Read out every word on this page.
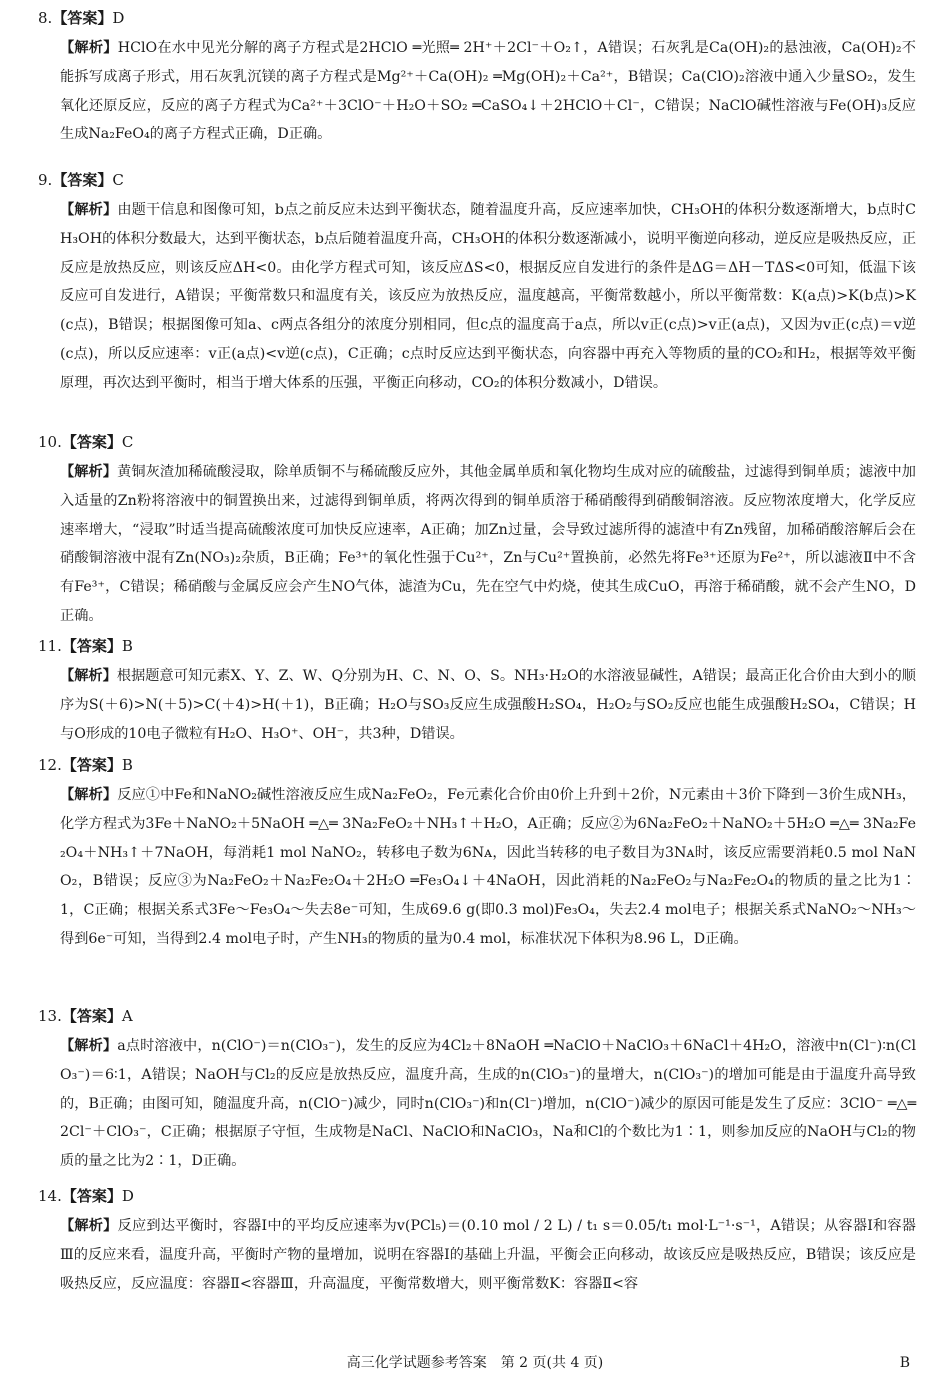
8.【答案】D
【解析】HClO在水中见光分解的离子方程式是2HClO ═光照═ 2H⁺＋2Cl⁻＋O₂↑，A错误；石灰乳是Ca(OH)₂的悬浊液，Ca(OH)₂不能拆写成离子形式，用石灰乳沉镁的离子方程式是Mg²⁺＋Ca(OH)₂ ═Mg(OH)₂＋Ca²⁺，B错误；Ca(ClO)₂溶液中通入少量SO₂，发生氧化还原反应，反应的离子方程式为Ca²⁺＋3ClO⁻＋H₂O＋SO₂ ═CaSO₄↓＋2HClO＋Cl⁻，C错误；NaClO碱性溶液与Fe(OH)₃反应生成Na₂FeO₄的离子方程式正确，D正确。
9.【答案】C
【解析】由题干信息和图像可知，b点之前反应未达到平衡状态，随着温度升高，反应速率加快，CH₃OH的体积分数逐渐增大，b点时CH₃OH的体积分数最大，达到平衡状态，b点后随着温度升高，CH₃OH的体积分数逐渐减小，说明平衡逆向移动，逆反应是吸热反应，正反应是放热反应，则该反应ΔH<0。由化学方程式可知，该反应ΔS<0，根据反应自发进行的条件是ΔG＝ΔH－TΔS<0可知，低温下该反应可自发进行，A错误；平衡常数只和温度有关，该反应为放热反应，温度越高，平衡常数越小，所以平衡常数：K(a点)>K(b点)>K(c点)，B错误；根据图像可知a、c两点各组分的浓度分别相同，但c点的温度高于a点，所以v正(c点)>v正(a点)，又因为v正(c点)＝v逆(c点)，所以反应速率：v正(a点)<v逆(c点)，C正确；c点时反应达到平衡状态，向容器中再充入等物质的量的CO₂和H₂，根据等效平衡原理，再次达到平衡时，相当于增大体系的压强，平衡正向移动，CO₂的体积分数减小，D错误。
10.【答案】C
【解析】黄铜灰渣加稀硫酸浸取，除单质铜不与稀硫酸反应外，其他金属单质和氧化物均生成对应的硫酸盐，过滤得到铜单质；滤液中加入适量的Zn粉将溶液中的铜置换出来，过滤得到铜单质，将两次得到的铜单质溶于稀硝酸得到硝酸铜溶液。反应物浓度增大，化学反应速率增大，“浸取”时适当提高硫酸浓度可加快反应速率，A正确；加Zn过量，会导致过滤所得的滤渣中有Zn残留，加稀硝酸溶解后会在硝酸铜溶液中混有Zn(NO₃)₂杂质，B正确；Fe³⁺的氧化性强于Cu²⁺，Zn与Cu²⁺置换前，必然先将Fe³⁺还原为Fe²⁺，所以滤液Ⅱ中不含有Fe³⁺，C错误；稀硝酸与金属反应会产生NO气体，滤渣为Cu，先在空气中灼烧，使其生成CuO，再溶于稀硝酸，就不会产生NO，D正确。
11.【答案】B
【解析】根据题意可知元素X、Y、Z、W、Q分别为H、C、N、O、S。NH₃·H₂O的水溶液显碱性，A错误；最高正化合价由大到小的顺序为S(＋6)>N(＋5)>C(＋4)>H(＋1)，B正确；H₂O与SO₃反应生成强酸H₂SO₄，H₂O₂与SO₂反应也能生成强酸H₂SO₄，C错误；H与O形成的10电子微粒有H₂O、H₃O⁺、OH⁻，共3种，D错误。
12.【答案】B
【解析】反应①中Fe和NaNO₂碱性溶液反应生成Na₂FeO₂，Fe元素化合价由0价上升到＋2价，N元素由＋3价下降到－3价生成NH₃，化学方程式为3Fe＋NaNO₂＋5NaOH ═△═ 3Na₂FeO₂＋NH₃↑＋H₂O，A正确；反应②为6Na₂FeO₂＋NaNO₂＋5H₂O ═△═ 3Na₂Fe₂O₄＋NH₃↑＋7NaOH，每消耗1 mol NaNO₂，转移电子数为6Nᴀ，因此当转移的电子数目为3Nᴀ时，该反应需要消耗0.5 mol NaNO₂，B错误；反应③为Na₂FeO₂＋Na₂Fe₂O₄＋2H₂O ═Fe₃O₄↓＋4NaOH，因此消耗的Na₂FeO₂与Na₂Fe₂O₄的物质的量之比为1∶1，C正确；根据关系式3Fe～Fe₃O₄～失去8e⁻可知，生成69.6 g(即0.3 mol)Fe₃O₄，失去2.4 mol电子；根据关系式NaNO₂～NH₃～得到6e⁻可知，当得到2.4 mol电子时，产生NH₃的物质的量为0.4 mol，标准状况下体积为8.96 L，D正确。
13.【答案】A
【解析】a点时溶液中，n(ClO⁻)＝n(ClO₃⁻)，发生的反应为4Cl₂＋8NaOH ═NaClO＋NaClO₃＋6NaCl＋4H₂O，溶液中n(Cl⁻)∶n(ClO₃⁻)＝6∶1，A错误；NaOH与Cl₂的反应是放热反应，温度升高，生成的n(ClO₃⁻)的量增大，n(ClO₃⁻)的增加可能是由于温度升高导致的，B正确；由图可知，随温度升高，n(ClO⁻)减少，同时n(ClO₃⁻)和n(Cl⁻)增加，n(ClO⁻)减少的原因可能是发生了反应：3ClO⁻ ═△═ 2Cl⁻＋ClO₃⁻，C正确；根据原子守恒，生成物是NaCl、NaClO和NaClO₃，Na和Cl的个数比为1∶1，则参加反应的NaOH与Cl₂的物质的量之比为2∶1，D正确。
14.【答案】D
【解析】反应到达平衡时，容器Ⅰ中的平均反应速率为v(PCl₅)＝(0.10 mol / 2 L) / t₁ s＝0.05/t₁ mol·L⁻¹·s⁻¹，A错误；从容器Ⅰ和容器Ⅲ的反应来看，温度升高，平衡时产物的量增加，说明在容器Ⅰ的基础上升温，平衡会正向移动，故该反应是吸热反应，B错误；该反应是吸热反应，反应温度：容器Ⅱ<容器Ⅲ，升高温度，平衡常数增大，则平衡常数K：容器Ⅱ<容
高三化学试题参考答案　第 2 页(共 4 页)	B
